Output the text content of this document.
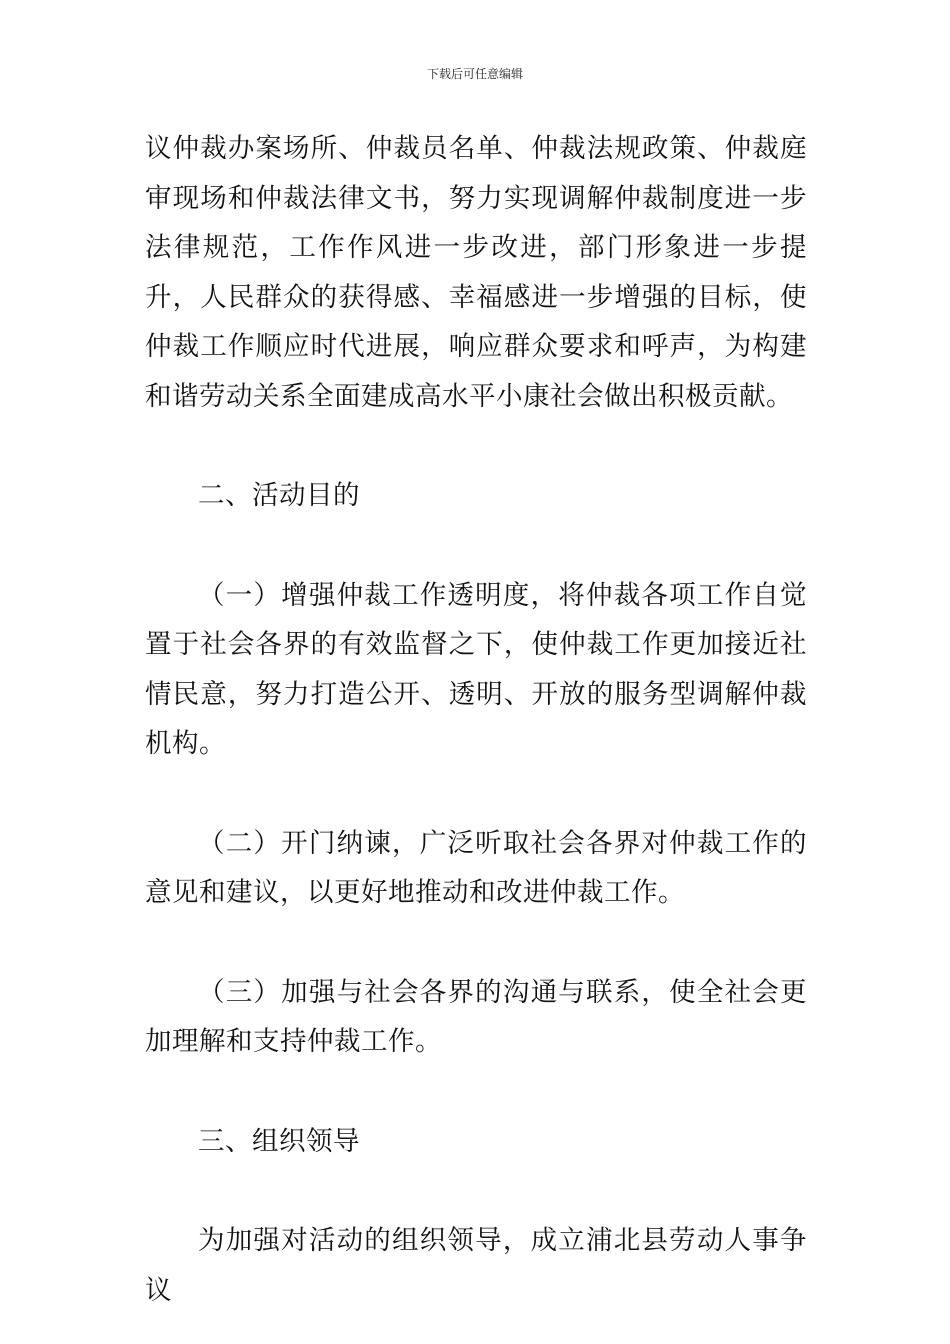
下载后可任意编辑

议仲裁办案场所、仲裁员名单、仲裁法规政策、仲裁庭审现场和仲裁法律文书，努力实现调解仲裁制度进一步法律规范，工作作风进一步改进，部门形象进一步提升，人民群众的获得感、幸福感进一步增强的目标，使仲裁工作顺应时代进展，响应群众要求和呼声，为构建和谐劳动关系全面建成高水平小康社会做出积极贡献。

二、活动目的

（一）增强仲裁工作透明度，将仲裁各项工作自觉置于社会各界的有效监督之下，使仲裁工作更加接近社情民意，努力打造公开、透明、开放的服务型调解仲裁机构。

（二）开门纳谏，广泛听取社会各界对仲裁工作的意见和建议，以更好地推动和改进仲裁工作。

（三）加强与社会各界的沟通与联系，使全社会更加理解和支持仲裁工作。

三、组织领导

为加强对活动的组织领导，成立浦北县劳动人事争议
